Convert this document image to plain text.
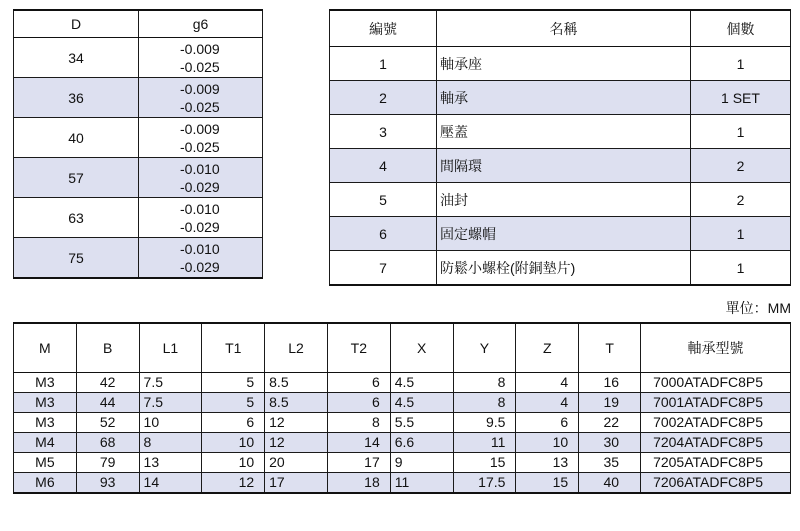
D	g6
34	-0.009
-0.025

36	-0.009
-0.025

40	-0.009
-0.025

57	-0.010
-0.029

63	-0.010
-0.029

75	-0.010
-0.029
編號	名稱	個數
1	軸承座	1
2	軸承	1 SET
3	壓蓋	1
4	間隔環	2
5	油封	2
6	固定螺帽	1
7	防鬆小螺栓(附銅墊片)	1
單位：MM
M	B	L1	T1	L2	T2	X	Y	Z	T	軸承型號
M3	42	7.5	5	8.5	6	4.5	8	4	16	7000ATADFC8P5
M3	44	7.5	5	8.5	6	4.5	8	4	19	7001ATADFC8P5
M3	52	10	6	12	8	5.5	9.5	6	22	7002ATADFC8P5
M4	68	8	10	12	14	6.6	11	10	30	7204ATADFC8P5
M5	79	13	10	20	17	9	15	13	35	7205ATADFC8P5
M6	93	14	12	17	18	11	17.5	15	40	7206ATADFC8P5
